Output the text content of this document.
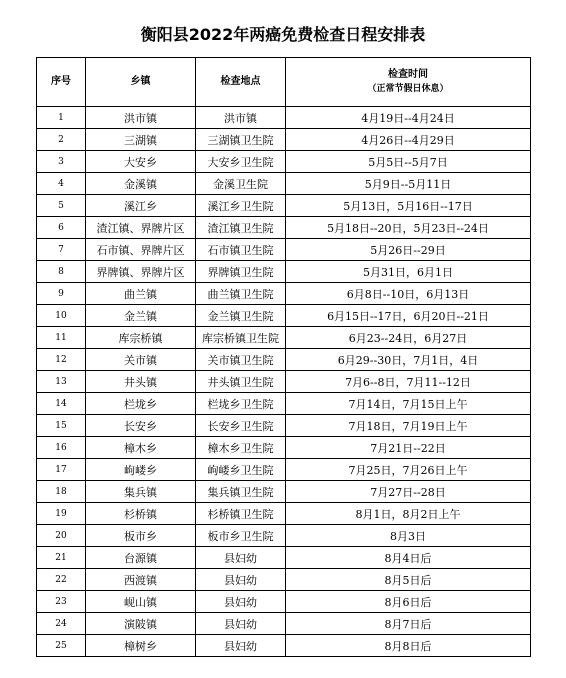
衡阳县2022年两癌免费检查日程安排表
序号	乡镇	检查地点	检查时间
（正常节假日休息）

1	洪市镇	洪市镇	4月19日--4月24日
2	三湖镇	三湖镇卫生院	4月26日--4月29日
3	大安乡	大安乡卫生院	5月5日--5月7日
4	金溪镇	金溪卫生院	5月9日--5月11日
5	溪江乡	溪江乡卫生院	5月13日，5月16日--17日
6	渣江镇、界牌片区	渣江镇卫生院	5月18日--20日，5月23日--24日
7	石市镇、界牌片区	石市镇卫生院	5月26日--29日
8	界牌镇、界牌片区	界牌镇卫生院	5月31日，6月1日
9	曲兰镇	曲兰镇卫生院	6月8日--10日，6月13日
10	金兰镇	金兰镇卫生院	6月15日--17日，6月20日--21日
11	库宗桥镇	库宗桥镇卫生院	6月23--24日，6月27日
12	关市镇	关市镇卫生院	6月29--30日，7月1日，4日
13	井头镇	井头镇卫生院	7月6--8日，7月11--12日
14	栏垅乡	栏垅乡卫生院	7月14日，7月15日上午
15	长安乡	长安乡卫生院	7月18日，7月19日上午
16	樟木乡	樟木乡卫生院	7月21日--22日
17	岣嵝乡	岣嵝乡卫生院	7月25日，7月26日上午
18	集兵镇	集兵镇卫生院	7月27日--28日
19	杉桥镇	杉桥镇卫生院	8月1日，8月2日上午
20	板市乡	板市乡卫生院	8月3日
21	台源镇	县妇幼	8月4日后
22	西渡镇	县妇幼	8月5日后
23	岘山镇	县妇幼	8月6日后
24	演陂镇	县妇幼	8月7日后
25	樟树乡	县妇幼	8月8日后
